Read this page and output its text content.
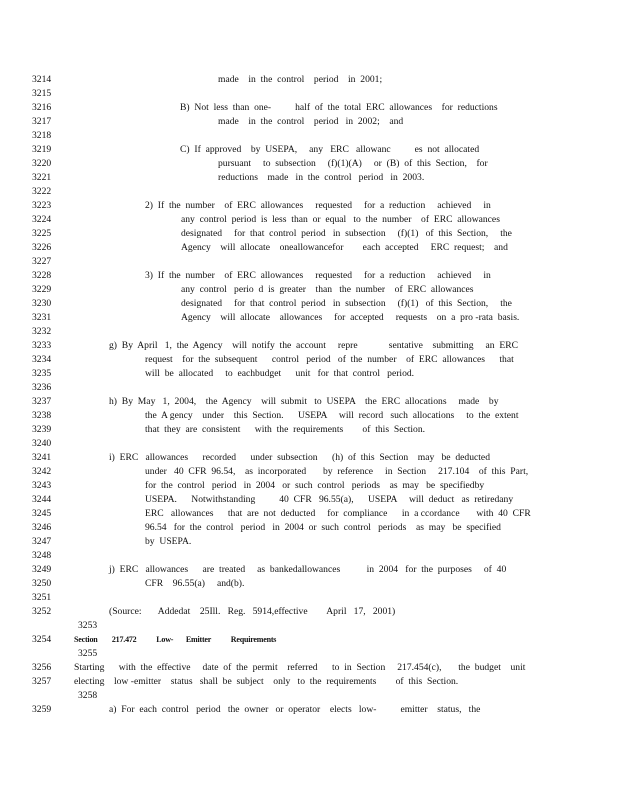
3214	made    in  the  control    period    in  2001;
3215
3216	B)  Not  less  than  one-          half  of  the  total  ERC  allowances    for  reductions
3217	made    in  the  control    period   in  2002;    and
3218
3219	C)  If  approved    by  USEPA,     any   ERC   allowanc          es  not  allocated
3220	pursuant     to  subsection     (f)(1)(A)     or  (B)  of  this  Section,    for
3221	reductions    made   in  the  control   period   in  2003.
3222
3223	2)  If  the  number    of  ERC  allowances     requested     for  a  reduction     achieved     in
3224	any  control  period  is  less  than  or  equal   to  the  number    of  ERC  allowances
3225	designated     for  that  control  period   in  subsection     (f)(1)   of  this  Section,     the
3226	Agency    will  allocate    oneallowancefor        each  accepted     ERC  request;    and
3227
3228	3)  If  the  number    of  ERC  allowances     requested     for  a  reduction     achieved     in
3229	any  control   perio  d  is  greater    than   the  number    of  ERC  allowances
3230	designated     for  that  control  period   in  subsection     (f)(1)   of  this  Section,     the
3231	Agency    will  allocate    allowances     for  accepted     requests    on  a  pro -rata  basis.
3232
3233	g)  By  April   1,  the  Agency    will  notify  the  account     repre             sentative    submitting     an  ERC
3234	request    for  the  subsequent      control   period   of  the  number    of  ERC  allowances      that
3235	will  be  allocated     to  eachbudget      unit   for  that  control   period.
3236
3237	h)  By  May   1,  2004,    the  Agency    will  submit   to  USEPA    the  ERC  allocations     made    by
3238	the  A gency    under    this  Section.      USEPA     will  record   such  allocations     to  the  extent
3239	that  they  are  consistent      with  the  requirements        of  this  Section.
3240
3241	i)  ERC   allowances      recorded      under  subsection      (h)  of  this  Section    may   be  deducted
3242	under   40  CFR  96.54,    as  incorporated       by  reference     in  Section     217.104    of  this  Part,
3243	for  the  control   period   in  2004   or  such  control   periods    as  may   be  specifiedby
3244	USEPA.      Notwithstanding          40  CFR   96.55(a),      USEPA     will  deduct   as  retiredany
3245	ERC   allowances      that  are  not  deducted     for  compliance      in  a ccordance       with  40  CFR
3246	96.54   for  the  control   period   in  2004  or  such  control   periods    as  may   be  specified
3247	by  USEPA.
3248
3249	j)  ERC   allowances      are  treated     as  bankedallowances           in  2004   for  the  purposes     of  40
3250	CFR    96.55(a)     and(b).
3251
3252	(Source:       Addedat    25Ill.   Reg.   5914,effective        April   17,   2001)
3253
3254	Section        217.472           Low-       Emitter           Requirements
3255
3256 Starting      with  the  effective     date  of  the  permit    referred      to  in  Section     217.454(c),       the  budget    unit
3257 electing    low -emitter    status   shall  be  subject    only   to  the  requirements        of  this  Section.
3258
3259	a)  For  each  control   period   the  owner   or  operator    elects   low-          emitter    status,   the
